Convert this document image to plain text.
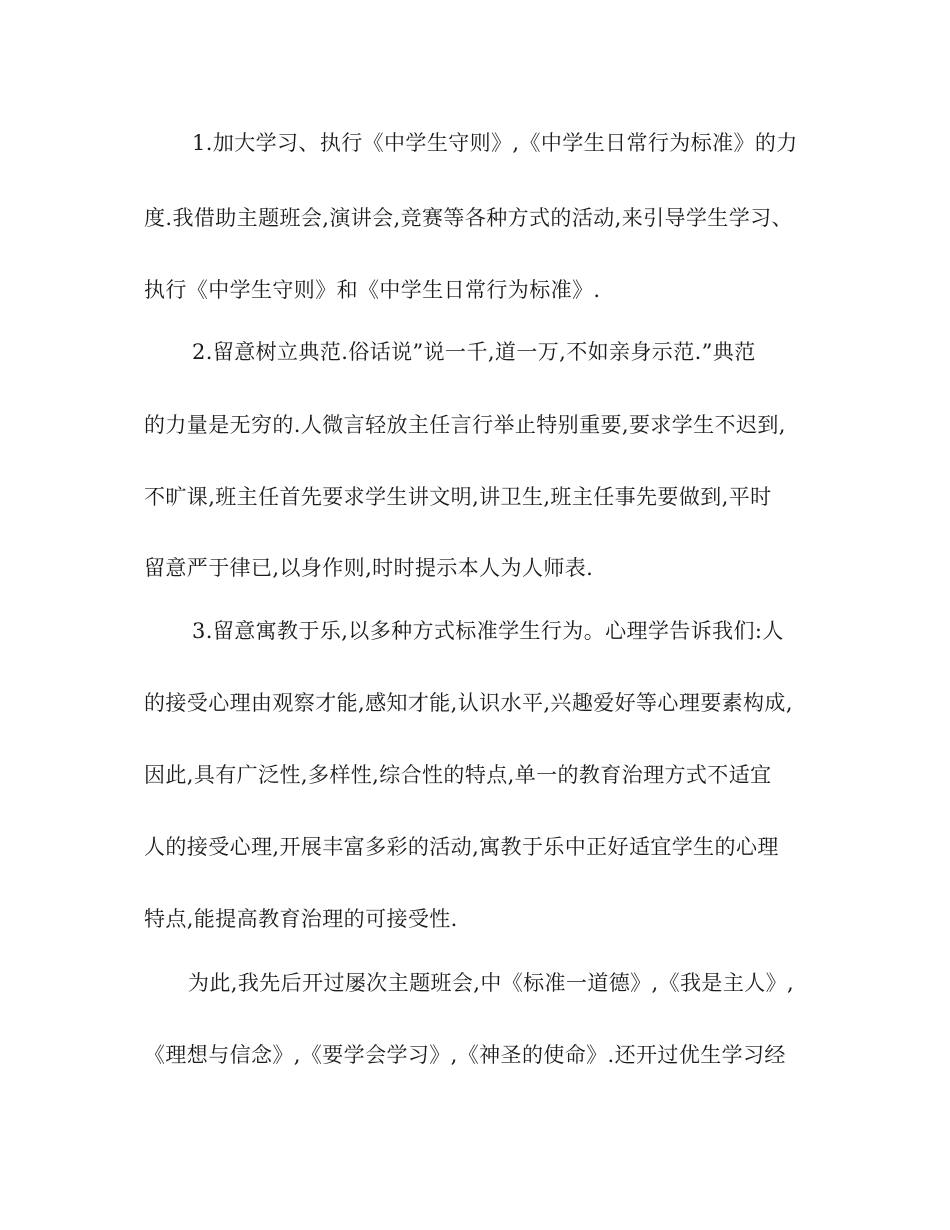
1.加大学习、执行《中学生守则》,《中学生日常行为标准》的力
度.我借助主题班会,演讲会,竞赛等各种方式的活动,来引导学生学习、
执行《中学生守则》和《中学生日常行为标准》.
2.留意树立典范.俗话说”说一千,道一万,不如亲身示范.”典范
的力量是无穷的.人微言轻放主任言行举止特别重要,要求学生不迟到,
不旷课,班主任首先要求学生讲文明,讲卫生,班主任事先要做到,平时
留意严于律已,以身作则,时时提示本人为人师表.
3.留意寓教于乐,以多种方式标准学生行为。心理学告诉我们:人
的接受心理由观察才能,感知才能,认识水平,兴趣爱好等心理要素构成,
因此,具有广泛性,多样性,综合性的特点,单一的教育治理方式不适宜
人的接受心理,开展丰富多彩的活动,寓教于乐中正好适宜学生的心理
特点,能提高教育治理的可接受性.
为此,我先后开过屡次主题班会,中《标准一道德》,《我是主人》,
《理想与信念》,《要学会学习》,《神圣的使命》.还开过优生学习经
